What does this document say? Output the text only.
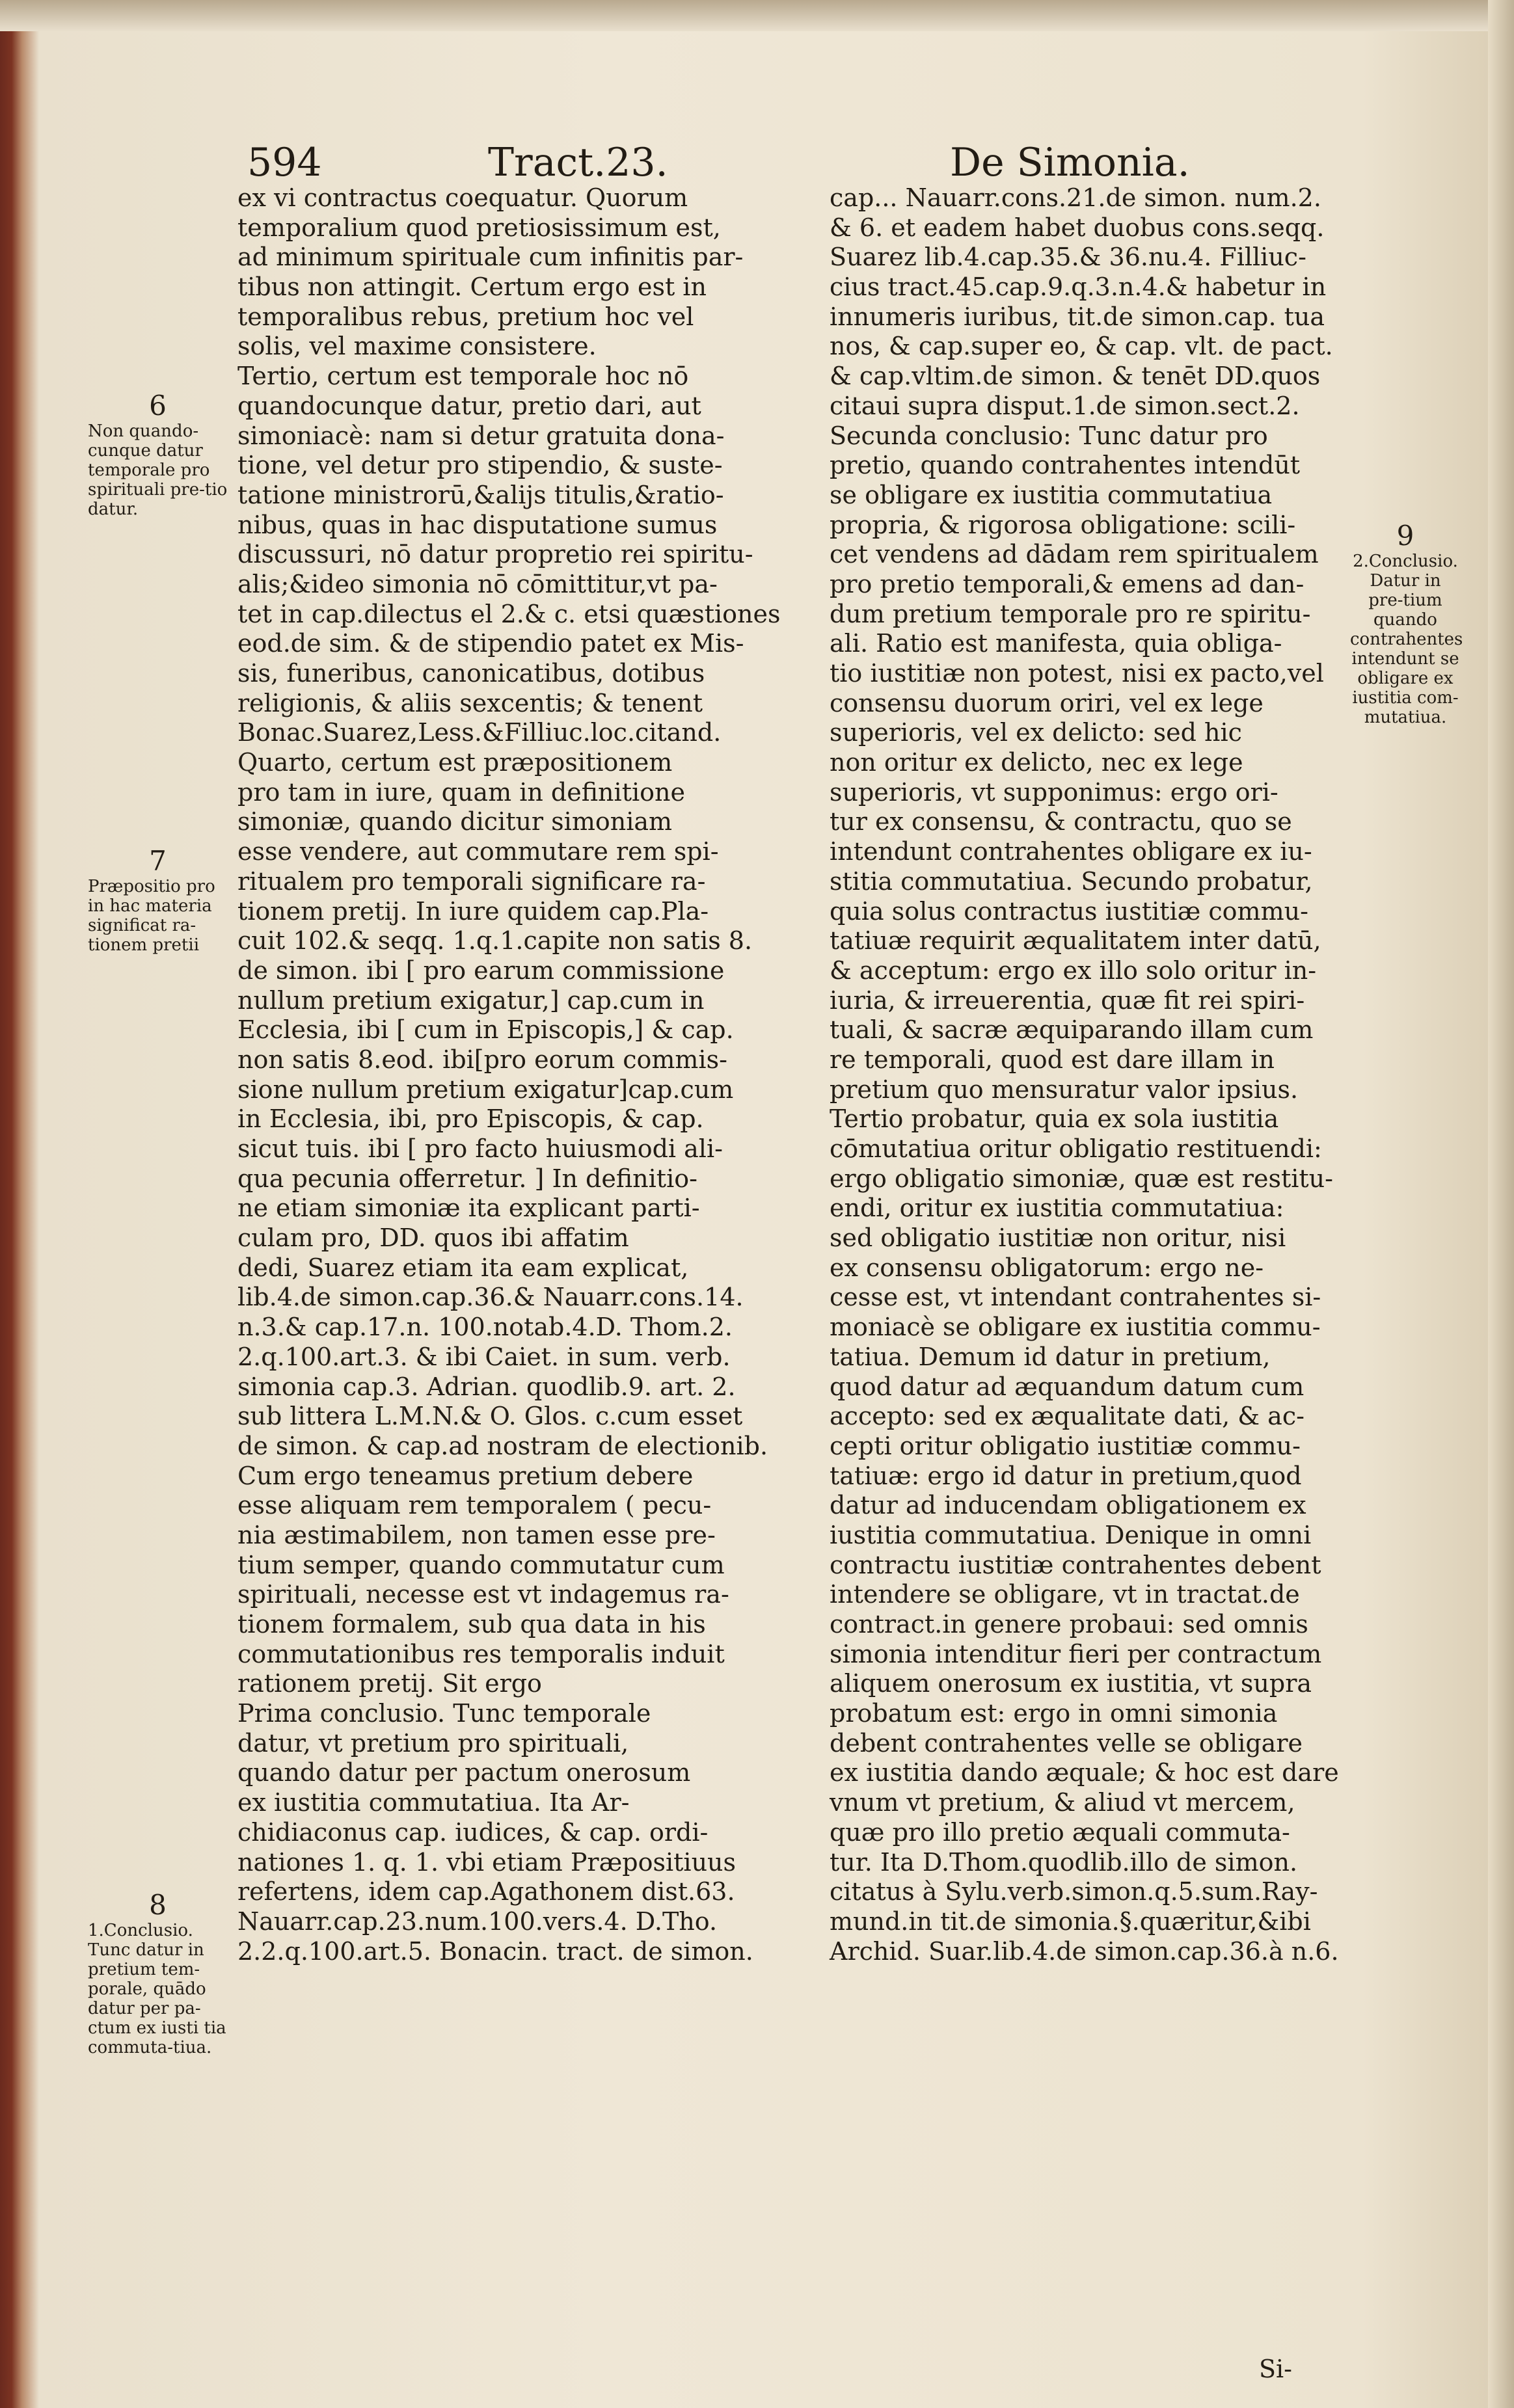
594	Tract.23.	De Simonia.
ex vi contractus coequatur. Quorum
temporalium quod pretiosissimum est,
ad minimum spirituale cum infinitis par-
tibus non attingit. Certum ergo est in
temporalibus rebus, pretium hoc vel
solis, vel maxime consistere.
Tertio, certum est temporale hoc nō
quandocunque datur, pretio dari, aut
simoniacè: nam si detur gratuita dona-
tione, vel detur pro stipendio, & suste-
tatione ministrorū,&alijs titulis,&ratio-
nibus, quas in hac disputatione sumus
discussuri, nō datur propretio rei spiritu-
alis;&ideo simonia nō cōmittitur,vt pa-
tet in cap.dilectus el 2.& c. etsi quæstiones
eod.de sim. & de stipendio patet ex Mis-
sis, funeribus, canonicatibus, dotibus
religionis, & aliis sexcentis; & tenent
Bonac.Suarez,Less.&Filliuc.loc.citand.
Quarto, certum est præpositionem
pro tam in iure, quam in definitione
simoniæ, quando dicitur simoniam
esse vendere, aut commutare rem spi-
ritualem pro temporali significare ra-
tionem pretij. In iure quidem cap.Pla-
cuit 102.& seqq. 1.q.1.capite non satis 8.
de simon. ibi [ pro earum commissione
nullum pretium exigatur,] cap.cum in
Ecclesia, ibi [ cum in Episcopis,] & cap.
non satis 8.eod. ibi[pro eorum commis-
sione nullum pretium exigatur]cap.cum
in Ecclesia, ibi, pro Episcopis, & cap.
sicut tuis. ibi [ pro facto huiusmodi ali-
qua pecunia offerretur. ] In definitio-
ne etiam simoniæ ita explicant parti-
culam pro, DD. quos ibi affatim
dedi, Suarez etiam ita eam explicat,
lib.4.de simon.cap.36.& Nauarr.cons.14.
n.3.& cap.17.n. 100.notab.4.D. Thom.2.
2.q.100.art.3. & ibi Caiet. in sum. verb.
simonia cap.3. Adrian. quodlib.9. art. 2.
sub littera L.M.N.& O. Glos. c.cum esset
de simon. & cap.ad nostram de electionib.
Cum ergo teneamus pretium debere
esse aliquam rem temporalem ( pecu-
nia æstimabilem, non tamen esse pre-
tium semper, quando commutatur cum
spirituali, necesse est vt indagemus ra-
tionem formalem, sub qua data in his
commutationibus res temporalis induit
rationem pretij. Sit ergo
Prima conclusio. Tunc temporale
datur, vt pretium pro spirituali,
quando datur per pactum onerosum
ex iustitia commutatiua. Ita Ar-
chidiaconus cap. iudices, & cap. ordi-
nationes 1. q. 1. vbi etiam Præpositiuus
refertens, idem cap.Agathonem dist.63.
Nauarr.cap.23.num.100.vers.4. D.Tho.
2.2.q.100.art.5. Bonacin. tract. de simon.
cap... Nauarr.cons.21.de simon. num.2.
& 6. et eadem habet duobus cons.seqq.
Suarez lib.4.cap.35.& 36.nu.4. Filliuc-
cius tract.45.cap.9.q.3.n.4.& habetur in
innumeris iuribus, tit.de simon.cap. tua
nos, & cap.super eo, & cap. vlt. de pact.
& cap.vltim.de simon. & tenēt DD.quos
citaui supra disput.1.de simon.sect.2.
Secunda conclusio: Tunc datur pro
pretio, quando contrahentes intendūt
se obligare ex iustitia commutatiua
propria, & rigorosa obligatione: scili-
cet vendens ad dādam rem spiritualem
pro pretio temporali,& emens ad dan-
dum pretium temporale pro re spiritu-
ali. Ratio est manifesta, quia obliga-
tio iustitiæ non potest, nisi ex pacto,vel
consensu duorum oriri, vel ex lege
superioris, vel ex delicto: sed hic
non oritur ex delicto, nec ex lege
superioris, vt supponimus: ergo ori-
tur ex consensu, & contractu, quo se
intendunt contrahentes obligare ex iu-
stitia commutatiua. Secundo probatur,
quia solus contractus iustitiæ commu-
tatiuæ requirit æqualitatem inter datū,
& acceptum: ergo ex illo solo oritur in-
iuria, & irreuerentia, quæ fit rei spiri-
tuali, & sacræ æquiparando illam cum
re temporali, quod est dare illam in
pretium quo mensuratur valor ipsius.
Tertio probatur, quia ex sola iustitia
cōmutatiua oritur obligatio restituendi:
ergo obligatio simoniæ, quæ est restitu-
endi, oritur ex iustitia commutatiua:
sed obligatio iustitiæ non oritur, nisi
ex consensu obligatorum: ergo ne-
cesse est, vt intendant contrahentes si-
moniacè se obligare ex iustitia commu-
tatiua. Demum id datur in pretium,
quod datur ad æquandum datum cum
accepto: sed ex æqualitate dati, & ac-
cepti oritur obligatio iustitiæ commu-
tatiuæ: ergo id datur in pretium,quod
datur ad inducendam obligationem ex
iustitia commutatiua. Denique in omni
contractu iustitiæ contrahentes debent
intendere se obligare, vt in tractat.de
contract.in genere probaui: sed omnis
simonia intenditur fieri per contractum
aliquem onerosum ex iustitia, vt supra
probatum est: ergo in omni simonia
debent contrahentes velle se obligare
ex iustitia dando æquale; & hoc est dare
vnum vt pretium, & aliud vt mercem,
quæ pro illo pretio æquali commuta-
tur. Ita D.Thom.quodlib.illo de simon.
citatus à Sylu.verb.simon.q.5.sum.Ray-
mund.in tit.de simonia.§.quæritur,&ibi
Archid. Suar.lib.4.de simon.cap.36.à n.6.
6
Non quando-cunque datur temporale pro spirituali pre-tio datur.
7
Præpositio pro in hac materia significat ra-tionem pretii
8
1.Conclusio. Tunc datur in pretium tem-porale, quādo datur per pa-ctum ex iusti tia commuta-tiua.
9
2.Conclusio. Datur in pre-tium quando contrahentes intendunt se obligare ex iustitia com-mutatiua.
Si-
